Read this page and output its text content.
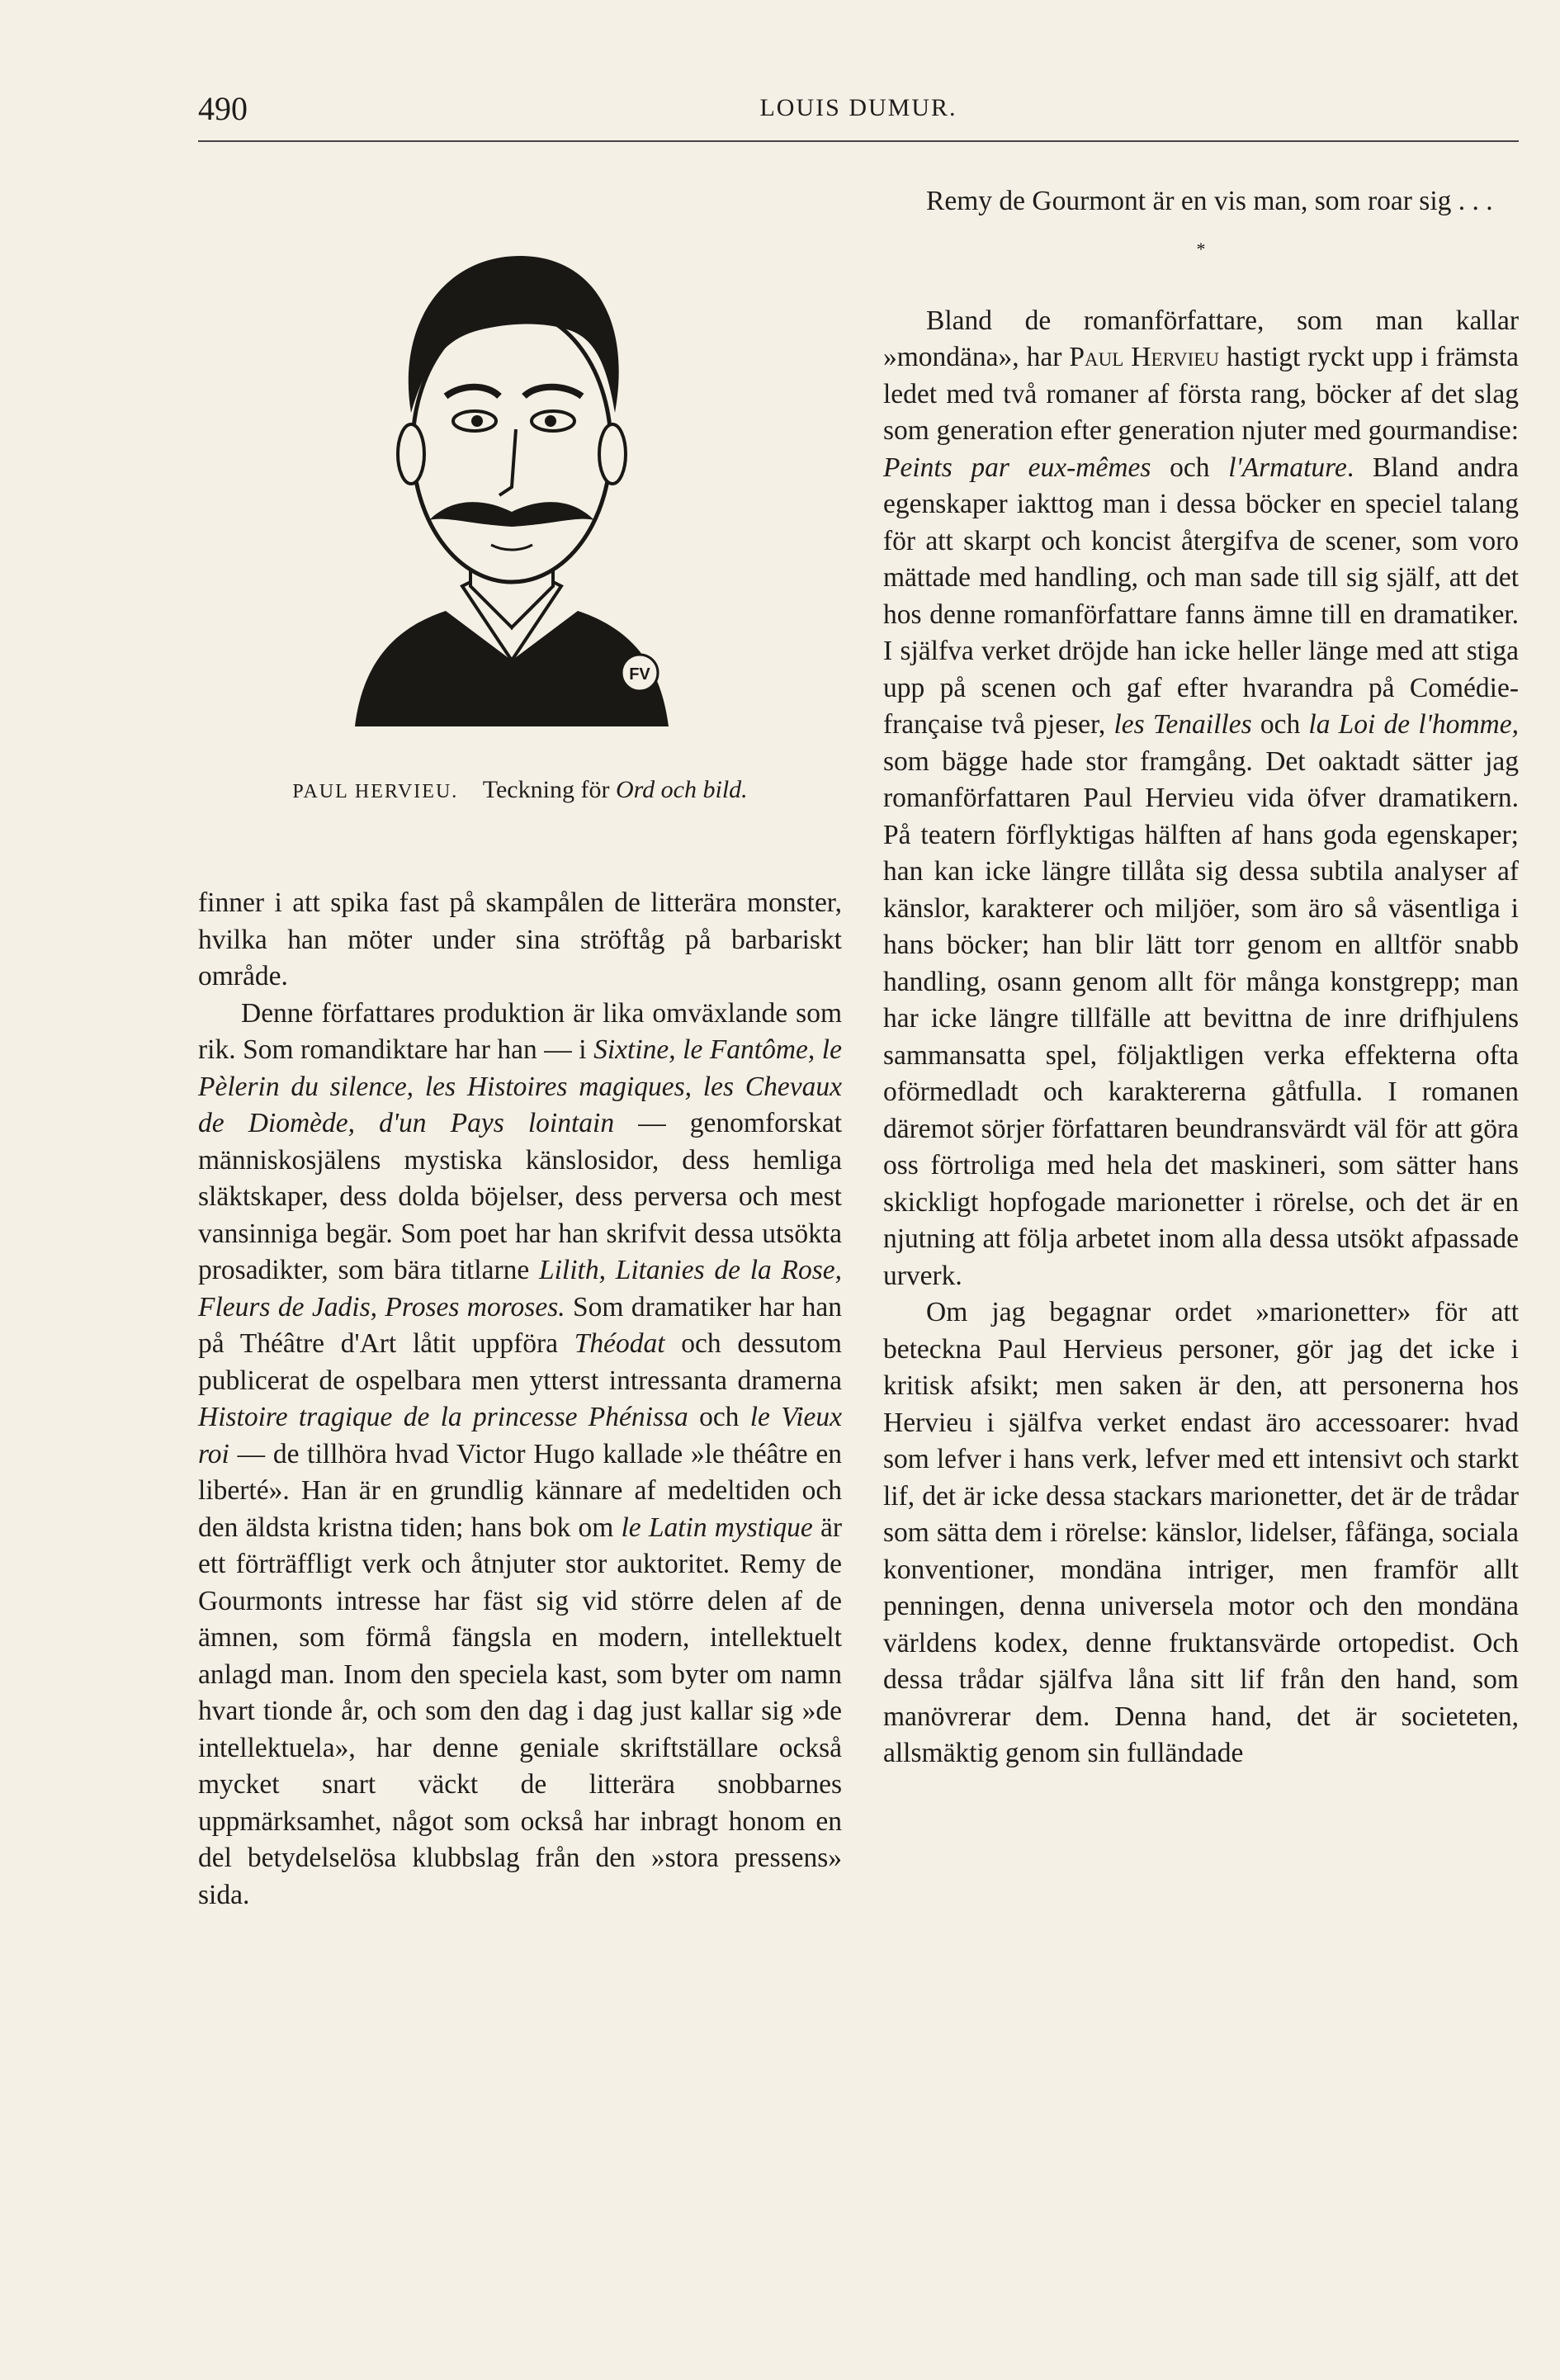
490	LOUIS DUMUR.
FV
PAUL HERVIEU. Teckning för Ord och bild.

finner i att spika fast på skampålen de litterära monster, hvilka han möter under sina ströftåg på barbariskt område.

Denne författares produktion är lika omväxlande som rik. Som romandiktare har han — i Sixtine, le Fantôme, le Pèlerin du silence, les Histoires magiques, les Chevaux de Diomède, d'un Pays lointain — genomforskat människosjälens mystiska känslosidor, dess hemliga släktskaper, dess dolda böjelser, dess perversa och mest vansinniga begär. Som poet har han skrifvit dessa utsökta prosadikter, som bära titlarne Lilith, Litanies de la Rose, Fleurs de Jadis, Proses moroses. Som dramatiker har han på Théâtre d'Art låtit uppföra Théodat och dessutom publicerat de ospelbara men ytterst intressanta dramerna Histoire tragique de la princesse Phénissa och le Vieux roi — de tillhöra hvad Victor Hugo kallade »le théâtre en liberté». Han är en grundlig kännare af medeltiden och den äldsta kristna tiden; hans bok om le Latin mystique är ett förträffligt verk och åtnjuter stor auktoritet. Remy de Gourmonts intresse har fäst sig vid större delen af de ämnen, som förmå fängsla en modern, intellektuelt anlagd man. Inom den speciela kast, som byter om namn hvart tionde år, och som den dag i dag just kallar sig »de intellektuela», har denne geniale skriftställare också mycket snart väckt de litterära snobbarnes uppmärksamhet, något som också har inbragt honom en del betydelselösa klubbslag från den »stora pressens» sida.

Remy de Gourmont är en vis man, som roar sig . . .

*

Bland de romanförfattare, som man kallar »mondäna», har Paul Hervieu hastigt ryckt upp i främsta ledet med två romaner af första rang, böcker af det slag som generation efter generation njuter med gourmandise: Peints par eux-mêmes och l'Armature. Bland andra egenskaper iakttog man i dessa böcker en speciel talang för att skarpt och koncist återgifva de scener, som voro mättade med handling, och man sade till sig själf, att det hos denne romanförfattare fanns ämne till en dramatiker. I själfva verket dröjde han icke heller länge med att stiga upp på scenen och gaf efter hvarandra på Comédie-française två pjeser, les Tenailles och la Loi de l'homme, som bägge hade stor framgång. Det oaktadt sätter jag romanförfattaren Paul Hervieu vida öfver dramatikern. På teatern förflyktigas hälften af hans goda egenskaper; han kan icke längre tillåta sig dessa subtila analyser af känslor, karakterer och miljöer, som äro så väsentliga i hans böcker; han blir lätt torr genom en alltför snabb handling, osann genom allt för många konstgrepp; man har icke längre tillfälle att bevittna de inre drifhjulens sammansatta spel, följaktligen verka effekterna ofta oförmedladt och karaktererna gåtfulla. I romanen däremot sörjer författaren beundransvärdt väl för att göra oss förtroliga med hela det maskineri, som sätter hans skickligt hopfogade marionetter i rörelse, och det är en njutning att följa arbetet inom alla dessa utsökt afpassade urverk.

Om jag begagnar ordet »marionetter» för att beteckna Paul Hervieus personer, gör jag det icke i kritisk afsikt; men saken är den, att personerna hos Hervieu i själfva verket endast äro accessoarer: hvad som lefver i hans verk, lefver med ett intensivt och starkt lif, det är icke dessa stackars marionetter, det är de trådar som sätta dem i rörelse: känslor, lidelser, fåfänga, sociala konventioner, mondäna intriger, men framför allt penningen, denna universela motor och den mondäna världens kodex, denne fruktansvärde ortopedist. Och dessa trådar själfva låna sitt lif från den hand, som manövrerar dem. Denna hand, det är societeten, allsmäktig genom sin fulländade
